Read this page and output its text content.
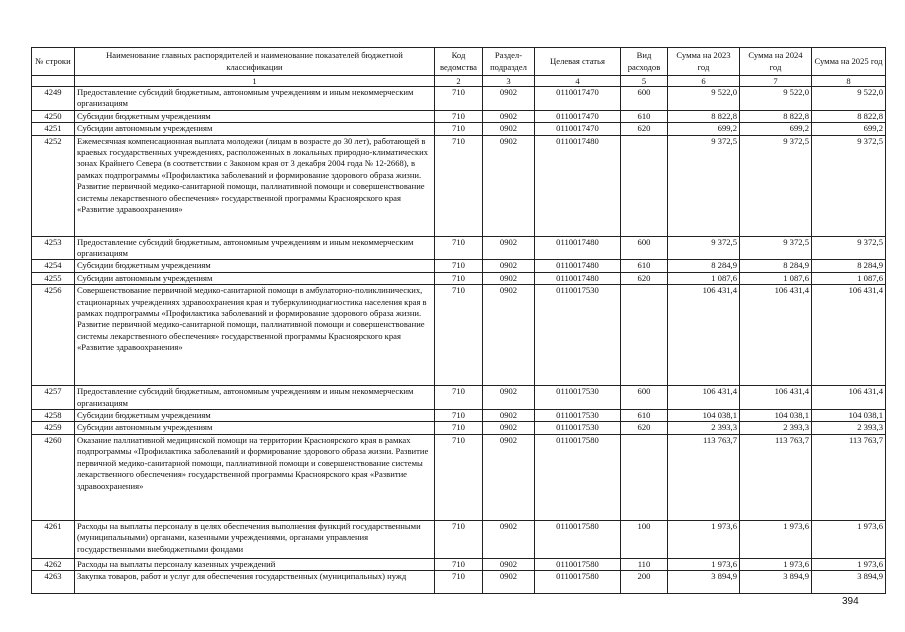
№ строки	Наименование главных распорядителей и наименование показателей бюджетной классификации	Код ведомства	Раздел-подраздел	Целевая статья	Вид расходов	Сумма на 2023 год	Сумма на 2024 год	Сумма на 2025 год
	1	2	3	4	5	6	7	8
4249	Предоставление субсидий бюджетным, автономным учреждениям и иным некоммерческим организациям	710	0902	0110017470	600	9 522,0	9 522,0	9 522,0
4250	Субсидии бюджетным учреждениям	710	0902	0110017470	610	8 822,8	8 822,8	8 822,8
4251	Субсидии автономным учреждениям	710	0902	0110017470	620	699,2	699,2	699,2
4252	Ежемесячная компенсационная выплата молодежи (лицам в возрасте до 30 лет), работающей в краевых государственных учреждениях, расположенных в локальных природно-климатических зонах Крайнего Севера (в соответствии с Законом края от 3 декабря 2004 года № 12-2668), в рамках подпрограммы «Профилактика заболеваний и формирование здорового образа жизни. Развитие первичной медико-санитарной помощи, паллиативной помощи и совершенствование системы лекарственного обеспечения» государственной программы Красноярского края «Развитие здравоохранения»	710	0902	0110017480		9 372,5	9 372,5	9 372,5
4253	Предоставление субсидий бюджетным, автономным учреждениям и иным некоммерческим организациям	710	0902	0110017480	600	9 372,5	9 372,5	9 372,5
4254	Субсидии бюджетным учреждениям	710	0902	0110017480	610	8 284,9	8 284,9	8 284,9
4255	Субсидии автономным учреждениям	710	0902	0110017480	620	1 087,6	1 087,6	1 087,6
4256	Совершенствование первичной медико-санитарной помощи в амбулаторно-поликлинических, стационарных учреждениях здравоохранения края и туберкулинодиагностика населения края в рамках подпрограммы «Профилактика заболеваний и формирование здорового образа жизни. Развитие первичной медико-санитарной помощи, паллиативной помощи и совершенствование системы лекарственного обеспечения» государственной программы Красноярского края «Развитие здравоохранения»	710	0902	0110017530		106 431,4	106 431,4	106 431,4
4257	Предоставление субсидий бюджетным, автономным учреждениям и иным некоммерческим организациям	710	0902	0110017530	600	106 431,4	106 431,4	106 431,4
4258	Субсидии бюджетным учреждениям	710	0902	0110017530	610	104 038,1	104 038,1	104 038,1
4259	Субсидии автономным учреждениям	710	0902	0110017530	620	2 393,3	2 393,3	2 393,3
4260	Оказание паллиативной медицинской помощи на территории Красноярского края в рамках подпрограммы «Профилактика заболеваний и формирование здорового образа жизни. Развитие первичной медико-санитарной помощи, паллиативной помощи и совершенствование системы лекарственного обеспечения» государственной программы Красноярского края «Развитие здравоохранения»	710	0902	0110017580		113 763,7	113 763,7	113 763,7
4261	Расходы на выплаты персоналу в целях обеспечения выполнения функций государственными (муниципальными) органами, казенными учреждениями, органами управления государственными внебюджетными фондами	710	0902	0110017580	100	1 973,6	1 973,6	1 973,6
4262	Расходы на выплаты персоналу казенных учреждений	710	0902	0110017580	110	1 973,6	1 973,6	1 973,6
4263	Закупка товаров, работ и услуг для обеспечения государственных (муниципальных) нужд	710	0902	0110017580	200	3 894,9	3 894,9	3 894,9
394
